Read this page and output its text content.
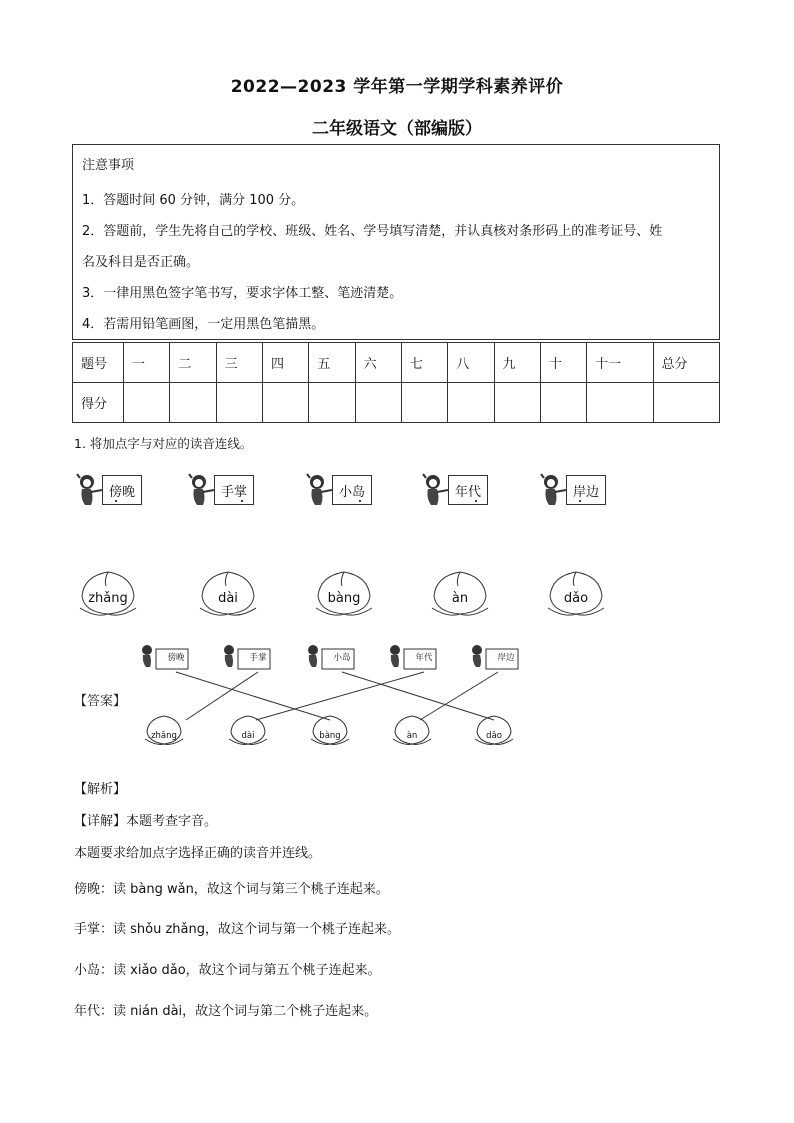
2022—2023 学年第一学期学科素养评价
二年级语文（部编版）

注意事项

1．答题时间 60 分钟，满分 100 分。

2．答题前，学生先将自己的学校、班级、姓名、学号填写清楚，并认真核对条形码上的准考证号、姓

名及科目是否正确。

3．一律用黑色签字笔书写，要求字体工整、笔迹清楚。

4．若需用铅笔画图，一定用黑色笔描黑。

题号	一	二	三	四	五	六	七	八	九	十	十一	总分
得分												
1. 将加点字与对应的读音连线。
傍晚	手掌	小岛	年代	岸边
zhǎng	dài	bàng	àn	dǎo
【答案】
傍晚	手掌	小岛	年代	岸边
zhǎng	dài	bàng	àn	dǎo
【解析】
【详解】本题考查字音。
本题要求给加点字选择正确的读音并连线。
傍晚：读 bàng wǎn，故这个词与第三个桃子连起来。
手掌：读 shǒu zhǎng，故这个词与第一个桃子连起来。
小岛：读 xiǎo dǎo，故这个词与第五个桃子连起来。
年代：读 nián dài，故这个词与第二个桃子连起来。
